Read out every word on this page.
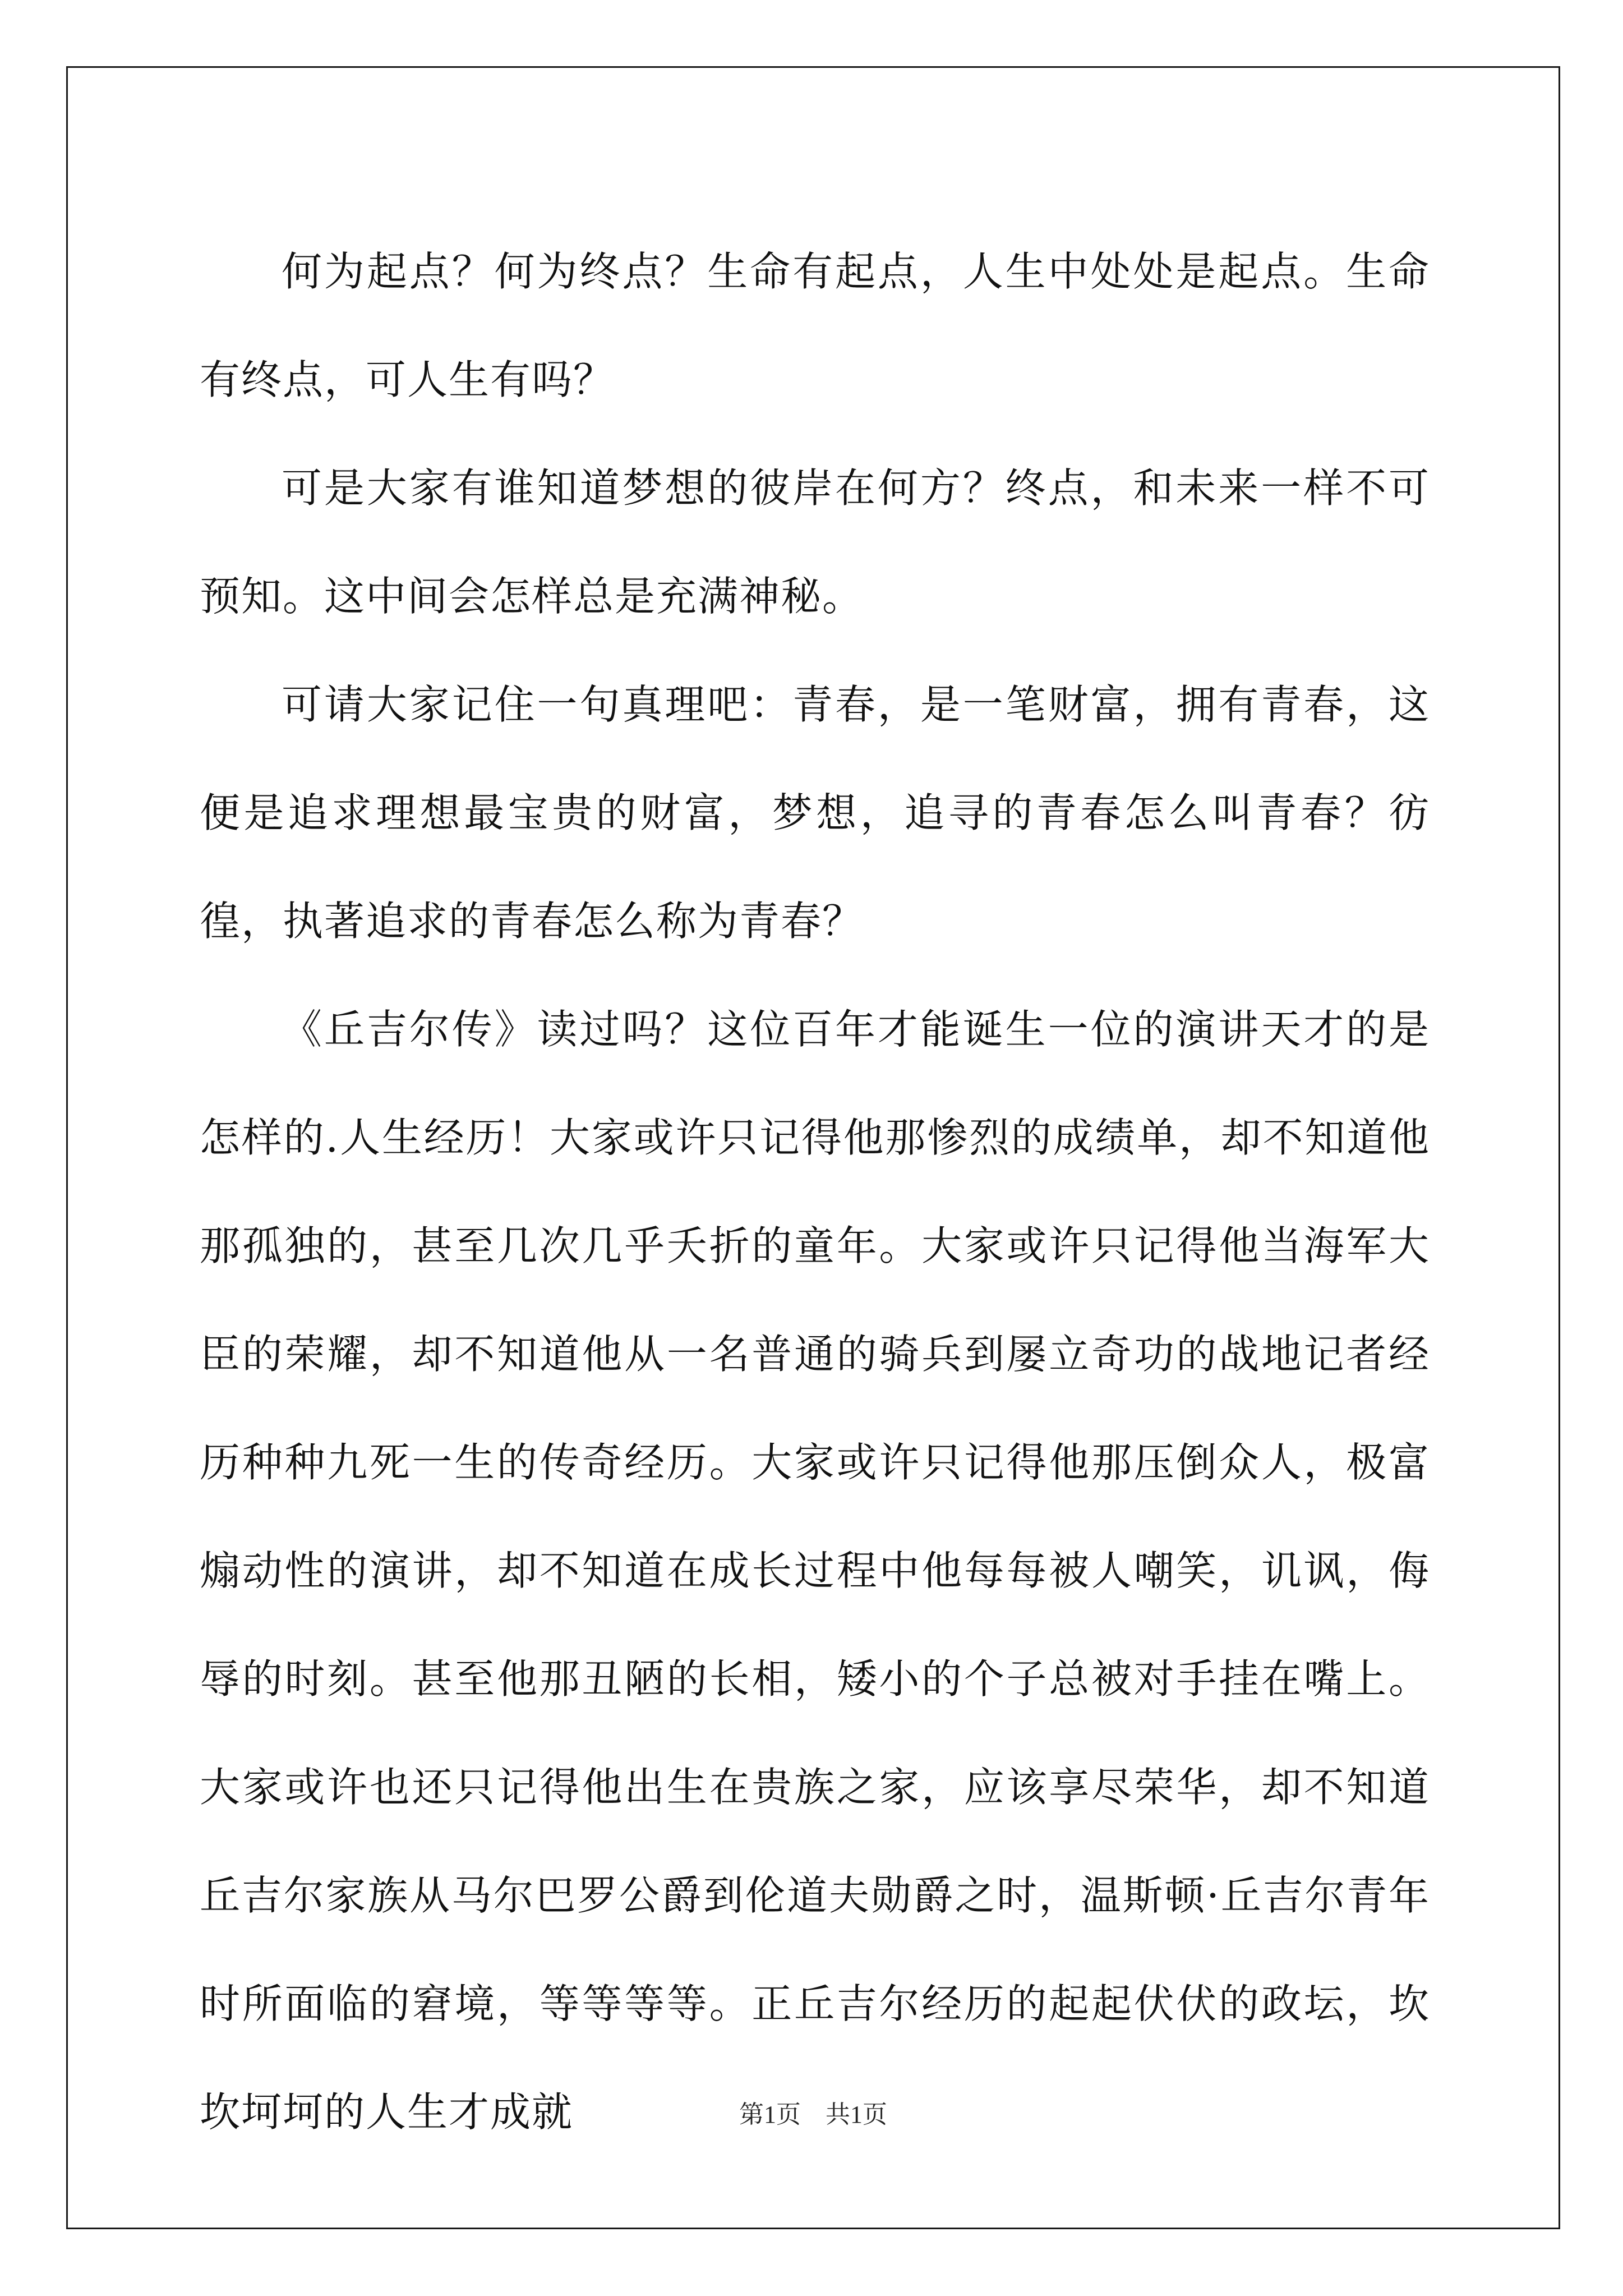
何为起点？何为终点？生命有起点，人生中处处是起点。生命有终点，可人生有吗？

可是大家有谁知道梦想的彼岸在何方？终点，和未来一样不可预知。这中间会怎样总是充满神秘。

可请大家记住一句真理吧：青春，是一笔财富，拥有青春，这便是追求理想最宝贵的财富，梦想，追寻的青春怎么叫青春？彷徨，执著追求的青春怎么称为青春？

《丘吉尔传》读过吗？这位百年才能诞生一位的演讲天才的是怎样的.人生经历！大家或许只记得他那惨烈的成绩单，却不知道他那孤独的，甚至几次几乎夭折的童年。大家或许只记得他当海军大臣的荣耀，却不知道他从一名普通的骑兵到屡立奇功的战地记者经历种种九死一生的传奇经历。大家或许只记得他那压倒众人，极富煽动性的演讲，却不知道在成长过程中他每每被人嘲笑，讥讽，侮辱的时刻。甚至他那丑陋的长相，矮小的个子总被对手挂在嘴上。大家或许也还只记得他出生在贵族之家，应该享尽荣华，却不知道丘吉尔家族从马尔巴罗公爵到伦道夫勋爵之时，温斯顿·丘吉尔青年时所面临的窘境，等等等等。正丘吉尔经历的起起伏伏的政坛，坎坎坷坷的人生才成就	第1页　共1页
